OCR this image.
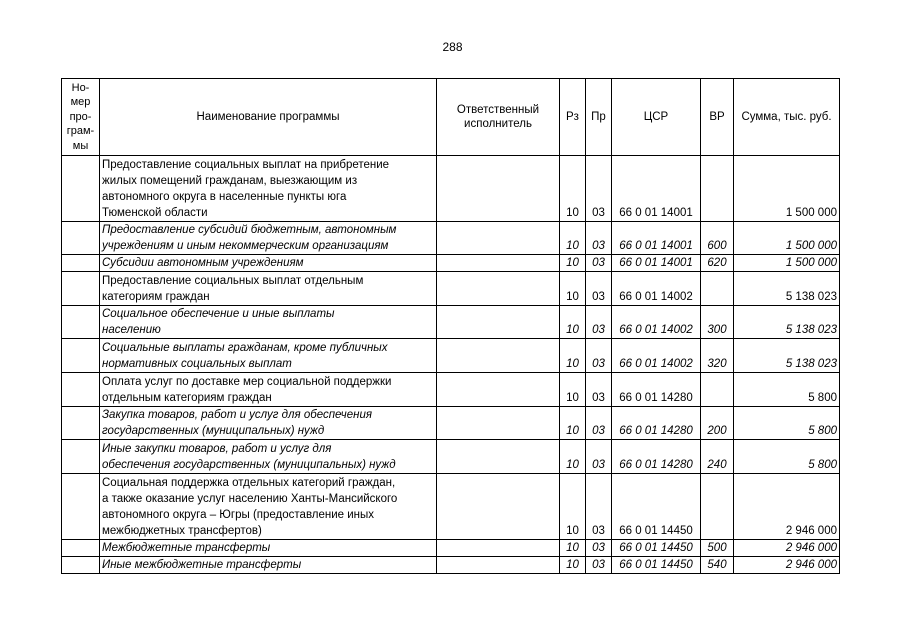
288
Но-
мер
про-
грам-
мы	Наименование программы	Ответственный исполнитель	Рз	Пр	ЦСР	ВР	Сумма, тыс. руб.

	Предоставление социальных выплат на прибретение
жилых помещений гражданам, выезжающим из
автономного округа в населенные пункты юга
Тюменской области		10	03	66 0 01 14001		1 500 000

	Предоставление субсидий бюджетным, автономным
учреждениям и иным некоммерческим организациям		10	03	66 0 01 14001	600	1 500 000

	Субсидии автономным учреждениям		10	03	66 0 01 14001	620	1 500 000

	Предоставление социальных выплат отдельным
категориям граждан		10	03	66 0 01 14002		5 138 023

	Социальное обеспечение и иные выплаты
населению		10	03	66 0 01 14002	300	5 138 023

	Социальные выплаты гражданам, кроме публичных
нормативных социальных выплат		10	03	66 0 01 14002	320	5 138 023

	Оплата услуг по доставке мер социальной поддержки
отдельным категориям граждан		10	03	66 0 01 14280		5 800

	Закупка товаров, работ и услуг для обеспечения
государственных (муниципальных) нужд		10	03	66 0 01 14280	200	5 800

	Иные закупки товаров, работ и услуг для
обеспечения государственных (муниципальных) нужд		10	03	66 0 01 14280	240	5 800

	Социальная поддержка отдельных категорий граждан,
а также оказание услуг населению Ханты-Мансийского
автономного округа – Югры (предоставление иных
межбюджетных трансфертов)		10	03	66 0 01 14450		2 946 000

	Межбюджетные трансферты		10	03	66 0 01 14450	500	2 946 000

	Иные межбюджетные трансферты		10	03	66 0 01 14450	540	2 946 000
